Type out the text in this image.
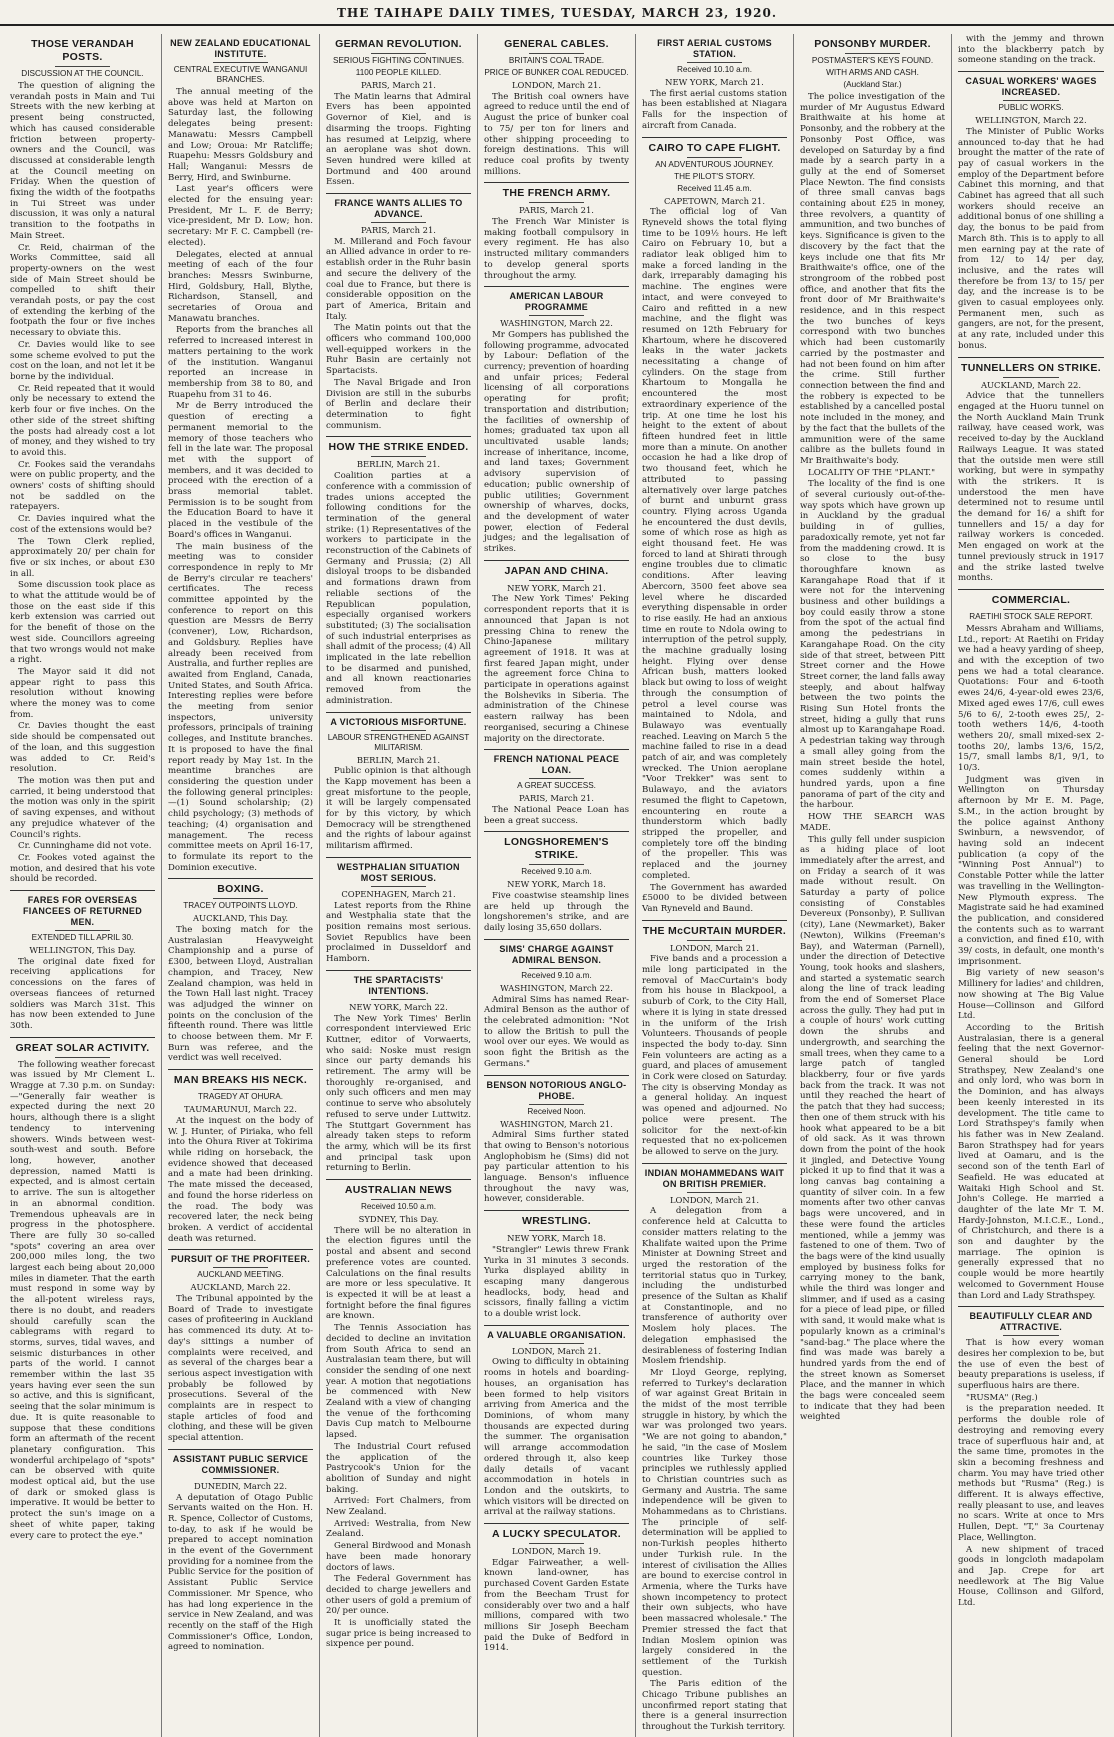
THE TAIHAPE DAILY TIMES, TUESDAY, MARCH 23, 1920.
THOSE VERANDAH POSTS.
DISCUSSION AT THE COUNCIL.

The question of aligning the verandah posts in Main and Tui Streets with the new kerbing at present being constructed, which has caused considerable friction between property-owners and the Council, was discussed at considerable length at the Council meeting on Friday. When the question of fixing the width of the footpaths in Tui Street was under discussion, it was only a natural transition to the footpaths in Main Street.

Cr. Reid, chairman of the Works Committee, said all property-owners on the west side of Main Street should be compelled to shift their verandah posts, or pay the cost of extending the kerbing of the footpath the four or five inches necessary to obviate this.

Cr. Davies would like to see some scheme evolved to put the cost on the loan, and not let it be borne by the individual.

Cr. Reid repeated that it would only be necessary to extend the kerb four or five inches. On the other side of the street shifting the posts had already cost a lot of money, and they wished to try to avoid this.

Cr. Fookes said the verandahs were on public property, and the owners' costs of shifting should not be saddled on the ratepayers.

Cr. Davies inquired what the cost of the extensions would be?

The Town Clerk replied, approximately 20/ per chain for five or six inches, or about £30 in all.

Some discussion took place as to what the attitude would be of those on the east side if this kerb extension was carried out for the benefit of those on the west side. Councillors agreeing that two wrongs would not make a right.

The Mayor said it did not appear right to pass this resolution without knowing where the money was to come from.

Cr. Davies thought the east side should be compensated out of the loan, and this suggestion was added to Cr. Reid's resolution.

The motion was then put and carried, it being understood that the motion was only in the spirit of saving expenses, and without any prejudice whatever of the Council's rights.

Cr. Cunninghame did not vote.

Cr. Fookes voted against the motion, and desired that his vote should be recorded.

FARES FOR OVERSEAS FIANCEES OF RETURNED MEN.
EXTENDED TILL APRIL 30.
WELLINGTON, This Day.

The original date fixed for receiving applications for concessions on the fares of overseas fiancees of returned soldiers was March 31st. This has now been extended to June 30th.

GREAT SOLAR ACTIVITY.

The following weather forecast was issued by Mr Clement L. Wragge at 7.30 p.m. on Sunday:—"Generally fair weather is expected during the next 20 hours, although there is a slight tendency to intervening showers. Winds between west-south-west and south. Before long, however, another depression, named Matti is expected, and is almost certain to arrive. The sun is altogether in an abnormal condition. Tremendous upheavals are in progress in the photosphere. There are fully 30 so-called "spots" covering an area over 200,000 miles long, the two largest each being about 20,000 miles in diameter. That the earth must respond in some way by the all-potent wireless rays, there is no doubt, and readers should carefully scan the cablegrams with regard to storms, surves, tidal waves, and seismic disturbances in other parts of the world. I cannot remember within the last 35 years having ever seen the sun so active, and this is significant, seeing that the solar minimum is due. It is quite reasonable to suppose that these conditions form an aftermath of the recent planetary configuration. This wonderful archipelago of "spots" can be observed with quite modest optical aid, but the use of dark or smoked glass is imperative. It would be better to protect the sun's image on a sheet of white paper, taking every care to protect the eye."

NEW ZEALAND EDUCATIONAL INSTITUTE.
CENTRAL EXECUTIVE WANGANUI BRANCHES.

The annual meeting of the above was held at Marton on Saturday last, the following delegates being present: Manawatu: Messrs Campbell and Low; Oroua: Mr Ratcliffe; Ruapehu: Messrs Goldsbury and Hall; Wanganui: Messrs de Berry, Hird, and Swinburne.

Last year's officers were elected for the ensuing year: President, Mr L. F. de Berry; vice-president, Mr D. Low; hon. secretary: Mr F. C. Campbell (re-elected).

Delegates, elected at annual meeting of each of the four branches: Messrs Swinburne, Hird, Goldsbury, Hall, Blythe, Richardson, Stansell, and secretaries of Oroua and Manawatu branches.

Reports from the branches all referred to increased interest in matters pertaining to the work of the institution. Wanganui reported an increase in membership from 38 to 80, and Ruapehu from 31 to 46.

Mr de Berry introduced the question of erecting a permanent memorial to the memory of those teachers who fell in the late war. The proposal met with the support of members, and it was decided to proceed with the erection of a brass memorial tablet. Permission is to be sought from the Education Board to have it placed in the vestibule of the Board's offices in Wanganui.

The main business of the meeting was to consider correspondence in reply to Mr de Berry's circular re teachers' certificates. The recess committee appointed by the conference to report on this question are Messrs de Berry (convener), Low, Richardson, and Goldsbury. Replies have already been received from Australia, and further replies are awaited from England, Canada, United States, and South Africa. Interesting replies were before the meeting from senior inspectors, university professors, principals of training colleges, and Institute branches. It is proposed to have the final report ready by May 1st. In the meantime branches are considering the question under the following general principles:—(1) Sound scholarship; (2) child psychology; (3) methods of teaching; (4) organisation and management. The recess committee meets on April 16-17, to formulate its report to the Dominion executive.

BOXING.
TRACEY OUTPOINTS LLOYD.
AUCKLAND, This Day.

The boxing match for the Australasian Heavyweight Championship and a purse of £300, between Lloyd, Australian champion, and Tracey, New Zealand champion, was held in the Town Hall last night. Tracey was adjudged the winner on points on the conclusion of the fifteenth round. There was little to choose between them. Mr F. Burn was referee, and the verdict was well received.

MAN BREAKS HIS NECK.
TRAGEDY AT OHURA.
TAUMARUNUI, March 22.

At the inquest on the body of W. J. Hunter, of Piriaka, who fell into the Ohura River at Tokirima while riding on horseback, the evidence showed that deceased and a mate had been drinking. The mate missed the deceased, and found the horse riderless on the road. The body was recovered later, the neck being broken. A verdict of accidental death was returned.

PURSUIT OF THE PROFITEER.
AUCKLAND MEETING.
AUCKLAND, March 22.

The Tribunal appointed by the Board of Trade to investigate cases of profiteering in Auckland has commenced its duty. At to-day's sittings a number of complaints were received, and as several of the charges bear a serious aspect investigation with probably be followed by prosecutions. Several of the complaints are in respect to staple articles of food and clothing, and these will be given special attention.

ASSISTANT PUBLIC SERVICE COMMISSIONER.
DUNEDIN, March 22.

A deputation of Otago Public Servants waited on the Hon. H. R. Spence, Collector of Customs, to-day, to ask if he would be prepared to accept nomination in the event of the Government providing for a nominee from the Public Service for the position of Assistant Public Service Commissioner. Mr Spence, who has had long experience in the service in New Zealand, and was recently on the staff of the High Commissioner's Office, London, agreed to nomination.

GERMAN REVOLUTION.
SERIOUS FIGHTING CONTINUES.
1100 PEOPLE KILLED.
PARIS, March 21.

The Matin learns that Admiral Evers has been appointed Governor of Kiel, and is disarming the troops. Fighting has resumed at Leipzig, where an aeroplane was shot down. Seven hundred were killed at Dortmund and 400 around Essen.

FRANCE WANTS ALLIES TO ADVANCE.
PARIS, March 21.

M. Millerand and Foch favour an Allied advance in order to re-establish order in the Ruhr basin and secure the delivery of the coal due to France, but there is considerable opposition on the part of America, Britain and Italy.

The Matin points out that the officers who command 100,000 well-equipped workers in the Ruhr Basin are certainly not Spartacists.

The Naval Brigade and Iron Division are still in the suburbs of Berlin and declare their determination to fight communism.

HOW THE STRIKE ENDED.
BERLIN, March 21.

Coalition parties at a conference with a commission of trades unions accepted the following conditions for the termination of the general strike: (1) Representatives of the workers to participate in the reconstruction of the Cabinets of Germany and Prussia; (2) All disloyal troops to be disbanded and formations drawn from reliable sections of the Republican population, especially organised workers substituted; (3) The socialisation of such industrial enterprises as shall admit of the process; (4) All implicated in the late rebellion to be disarmed and punished, and all known reactionaries removed from the administration.

A VICTORIOUS MISFORTUNE.
LABOUR STRENGTHENED AGAINST MILITARISM.
BERLIN, March 21.

Public opinion is that although the Kapp movement has been a great misfortune to the people, it will be largely compensated for by this victory, by which Democracy will be strengthened and the rights of labour against militarism affirmed.

WESTPHALIAN SITUATION MOST SERIOUS.
COPENHAGEN, March 21.

Latest reports from the Rhine and Westphalia state that the position remains most serious. Soviet Republics have been proclaimed in Dusseldorf and Hamborn.

THE SPARTACISTS' INTENTIONS.
NEW YORK, March 22.

The New York Times' Berlin correspondent interviewed Eric Kuttner, editor of Vorwaerts, who said: Noske must resign since our party demands his retirement. The army will be thoroughly re-organised, and only such officers and men may continue to serve who absolutely refused to serve under Luttwitz. The Stuttgart Government has already taken steps to reform the army, which will be its first and principal task upon returning to Berlin.

AUSTRALIAN NEWS
Received 10.50 a.m.
SYDNEY, This Day.

There will be no alteration in the election figures until the postal and absent and second preference votes are counted. Calculations on the final results are more or less speculative. It is expected it will be at least a fortnight before the final figures are known.

The Tennis Association has decided to decline an invitation from South Africa to send an Australasian team there, but will consider the sending of one next year. A motion that negotiations be commenced with New Zealand with a view of changing the venue of the forthcoming Davis Cup match to Melbourne lapsed.

The Industrial Court refused the application of the Pastrycook's Union for the abolition of Sunday and night baking.

Arrived: Fort Chalmers, from New Zealand.

Arrived: Westralia, from New Zealand.

General Birdwood and Monash have been made honorary doctors of laws.

The Federal Government has decided to charge jewellers and other users of gold a premium of 20/ per ounce.

It is unofficially stated the sugar price is being increased to sixpence per pound.

GENERAL CABLES.
BRITAIN'S COAL TRADE.
PRICE OF BUNKER COAL REDUCED.
LONDON, March 21.

The British coal owners have agreed to reduce until the end of August the price of bunker coal to 75/ per ton for liners and other shipping proceeding to foreign destinations. This will reduce coal profits by twenty millions.

THE FRENCH ARMY.
PARIS, March 21.

The French War Minister is making football compulsory in every regiment. He has also instructed military commanders to develop general sports throughout the army.

AMERICAN LABOUR PROGRAMME
WASHINGTON, March 22.

Mr Gompers has published the following programme, advocated by Labour: Deflation of the currency; prevention of hoarding and unfair prices; Federal licensing of all corporations operating for profit; transportation and distribution; the facilities of ownership of homes; graduated tax upon all uncultivated usable lands; increase of inheritance, income, and land taxes; Government advisory supervision of education; public ownership of public utilities; Government ownership of wharves, docks, and the development of water power, election of Federal judges; and the legalisation of strikes.

JAPAN AND CHINA.
NEW YORK, March 21.

The New York Times' Peking correspondent reports that it is announced that Japan is not pressing China to renew the Chino-Japanese military agreement of 1918. It was at first feared Japan might, under the agreement force China to participate in operations against the Bolsheviks in Siberia. The administration of the Chinese eastern railway has been reorganised, securing a Chinese majority on the directorate.

FRENCH NATIONAL PEACE LOAN.
A GREAT SUCCESS.
PARIS, March 21.

The National Peace Loan has been a great success.

LONGSHOREMEN'S STRIKE.
Received 9.10 a.m.
NEW YORK, March 18.

Five coastwise steamship lines are held up through the longshoremen's strike, and are daily losing 35,650 dollars.

SIMS' CHARGE AGAINST ADMIRAL BENSON.
Received 9.10 a.m.
WASHINGTON, March 22.

Admiral Sims has named Rear-Admiral Benson as the author of the celebrated admonition: "Not to allow the British to pull the wool over our eyes. We would as soon fight the British as the Germans."

BENSON NOTORIOUS ANGLO-PHOBE.
Received Noon.
WASHINGTON, March 21.

Admiral Sims further stated that owing to Benson's notorious Anglophobism he (Sims) did not pay particular attention to his language. Benson's influence throughout the navy was, however, considerable.

WRESTLING.
NEW YORK, March 18.

"Strangler" Lewis threw Frank Yurka in 31 minutes 3 seconds. Yurka displayed ability in escaping many dangerous headlocks, body, head and scissors, finally falling a victim to a double wrist lock.

A VALUABLE ORGANISATION.
LONDON, March 21.

Owing to difficulty in obtaining rooms in hotels and boarding-houses, an organisation has been formed to help visitors arriving from America and the Dominions, of whom many thousands are expected during the summer. The organisation will arrange accommodation ordered through it, also keep daily details of vacant accommodation in hotels in London and the outskirts, to which visitors will be directed on arrival at the railway stations.

A LUCKY SPECULATOR.
LONDON, March 19.

Edgar Fairweather, a well-known land-owner, has purchased Covent Garden Estate from the Beecham Trust for considerably over two and a half millions, compared with two millions Sir Joseph Beecham paid the Duke of Bedford in 1914.

FIRST AERIAL CUSTOMS STATION.
Received 10.10 a.m.
NEW YORK, March 21.

The first aerial customs station has been established at Niagara Falls for the inspection of aircraft from Canada.

CAIRO TO CAPE FLIGHT.
AN ADVENTUROUS JOURNEY.
THE PILOT'S STORY.
Received 11.45 a.m.
CAPETOWN, March 21.

The official log of Van Ryneveld shows the total flying time to be 109½ hours. He left Cairo on February 10, but a radiator leak obliged him to make a forced landing in the dark, irreparably damaging his machine. The engines were intact, and were conveyed to Cairo and refitted in a new machine, and the flight was resumed on 12th February for Khartoum, where he discovered leaks in the water jackets necessitating a change of cylinders. On the stage from Khartoum to Mongalla he encountered the most extraordinary experience of the trip. At one time he lost his height to the extent of about fifteen hundred feet in little more than a minute. On another occasion he had a like drop of two thousand feet, which he attributed to passing alternatively over large patches of burnt and unburnt grass country. Flying across Uganda he encountered the dust devils, some of which rose as high as eight thousand feet. He was forced to land at Shirati through engine troubles due to climatic conditions. After leaving Abercorn, 3500 feet above sea level where he discarded everything dispensable in order to rise easily. He had an anxious time en route to Ndola owing to interruption of the petrol supply, the machine gradually losing height. Flying over dense African bush, matters looked black but owing to loss of weight through the consumption of petrol a level course was maintained to Ndola, and Bulawayo was eventually reached. Leaving on March 5 the machine failed to rise in a dead patch of air, and was completely wrecked. The Union aeroplane "Voor Trekker" was sent to Bulawayo, and the aviators resumed the flight to Capetown, encountering en route a thunderstorm which badly stripped the propeller, and completely tore off the binding of the propeller. This was replaced and the journey completed.

The Government has awarded £5000 to be divided between Van Ryneveld and Baund.

THE McCURTAIN MURDER.
LONDON, March 21.

Five bands and a procession a mile long participated in the removal of MacCurtain's body from his house in Blackpool, a suburb of Cork, to the City Hall, where it is lying in state dressed in the uniform of the Irish Volunteers. Thousands of people inspected the body to-day. Sinn Fein volunteers are acting as a guard, and places of amusement in Cork were closed on Saturday. The city is observing Monday as a general holiday. An inquest was opened and adjourned. No police were present. The solicitor for the next-of-kin requested that no ex-policemen be allowed to serve on the jury.

INDIAN MOHAMMEDANS WAIT ON BRITISH PREMIER.
LONDON, March 21.

A delegation from a conference held at Calcutta to consider matters relating to the Khalifate waited upon the Prime Minister at Downing Street and urged the restoration of the territorial status quo in Turkey, including the undisturbed presence of the Sultan as Khalif at Constantinople, and no transference of authority over Moslem holy places. The delegation emphasised the desirableness of fostering Indian Moslem friendship.

Mr Lloyd George, replying, referred to Turkey's declaration of war against Great Britain in the midst of the most terrible struggle in history, by which the war was prolonged two years. "We are not going to abandon," he said, "in the case of Moslem countries like Turkey those principles we ruthlessly applied to Christian countries such as Germany and Austria. The same independence will be given to Mohammedans as to Christians. The principle of self-determination will be applied to non-Turkish peoples hitherto under Turkish rule. In the interest of civilisation the Allies are bound to exercise control in Armenia, where the Turks have shown incompetency to protect their own subjects, who have been massacred wholesale." The Premier stressed the fact that Indian Moslem opinion was largely considered in the settlement of the Turkish question.

The Paris edition of the Chicago Tribune publishes an unconfirmed report stating that there is a general insurrection throughout the Turkish territory.

PONSONBY MURDER.
POSTMASTER'S KEYS FOUND.
WITH ARMS AND CASH.
(Auckland Star.)

The police investigation of the murder of Mr Augustus Edward Braithwaite at his home at Ponsonby, and the robbery at the Ponsonby Post Office, was developed on Saturday by a find made by a search party in a gully at the end of Somerset Place Newton. The find consists of three small canvas bags containing about £25 in money, three revolvers, a quantity of ammunition, and two bunches of keys. Significance is given to the discovery by the fact that the keys include one that fits Mr Braithwaite's office, one of the strongroom of the robbed post office, and another that fits the front door of Mr Braithwaite's residence, and in this respect the two bunches of keys correspond with two bunches which had been customarily carried by the postmaster and had not been found on him after the crime. Still further connection between the find and the robbery is expected to be established by a cancelled postal note included in the money, and by the fact that the bullets of the ammunition were of the same calibre as the bullets found in Mr Braithwaite's body.

LOCALITY OF THE "PLANT."

The locality of the find is one of several curiously out-of-the-way spots which have grown up in Auckland by the gradual building in of gullies, paradoxically remote, yet not far from the maddening crowd. It is so close to the busy thoroughfare known as Karangahape Road that if it were not for the intervening business and other buildings a boy could easily throw a stone from the spot of the actual find among the pedestrians in Karangahape Road. On the city side of that street, between Pitt Street corner and the Howe Street corner, the land falls away steeply, and about halfway between the two points the Rising Sun Hotel fronts the street, hiding a gully that runs almost up to Karangahape Road. A pedestrian taking way through a small alley going from the main street beside the hotel, comes suddenly within a hundred yards, upon a fine panorama of part of the city and the harbour.

HOW THE SEARCH WAS MADE.

This gully fell under suspicion as a hiding place of loot immediately after the arrest, and on Friday a search of it was made without result. On Saturday a party of police consisting of Constables Devereux (Ponsonby), P. Sullivan (city), Lane (Newmarket), Baker (Newton), Wilkins (Freeman's Bay), and Waterman (Parnell), under the direction of Detective Young, took hooks and slashers, and started a systematic search along the line of track leading from the end of Somerset Place across the gully. They had put in a couple of hours' work cutting down the shrubs and undergrowth, and searching the small trees, when they came to a large patch of tangled blackberry, four or five yards back from the track. It was not until they reached the heart of the patch that they had success; then one of them struck with his hook what appeared to be a bit of old sack. As it was thrown down from the point of the hook it jingled, and Detective Young picked it up to find that it was a long canvas bag containing a quantity of silver coin. In a few moments after two other canvas bags were uncovered, and in these were found the articles mentioned, while a jemmy was fastened to one of them. Two of the bags were of the kind usually employed by business folks for carrying money to the bank, while the third was longer and slimmer, and if used as a casing for a piece of lead pipe, or filled with sand, it would make what is popularly known as a criminal's "sand-bag." The place where the find was made was barely a hundred yards from the end of the street known as Somerset Place, and the manner in which the bags were concealed seem to indicate that they had been weighted

with the jemmy and thrown into the blackberry patch by someone standing on the track.

CASUAL WORKERS' WAGES INCREASED.
PUBLIC WORKS.
WELLINGTON, March 22.

The Minister of Public Works announced to-day that he had brought the matter of the rate of pay of casual workers in the employ of the Department before Cabinet this morning, and that Cabinet has agreed that all such workers should receive an additional bonus of one shilling a day, the bonus to be paid from March 8th. This is to apply to all men earning pay at the rate of from 12/ to 14/ per day, inclusive, and the rates will therefore be from 13/ to 15/ per day, and the increase is to be given to casual employees only. Permanent men, such as gangers, are not, for the present, at any rate, included under this bonus.

TUNNELLERS ON STRIKE.
AUCKLAND, March 22.

Advice that the tunnellers engaged at the Huoru tunnel on the North Auckland Main Trunk railway, have ceased work, was received to-day by the Auckland Railways League. It was stated that the outside men were still working, but were in sympathy with the strikers. It is understood the men have determined not to resume until the demand for 16/ a shift for tunnellers and 15/ a day for railway workers is conceded. Men engaged on work at the tunnel previously struck in 1917 and the strike lasted twelve months.

COMMERCIAL.
RAETIHI STOCK SALE REPORT.

Messrs Abraham and Williams, Ltd., report: At Raetihi on Friday we had a heavy yarding of sheep, and with the exception of two pens we had a total clearance. Quotations: Four and 6-tooth ewes 24/6, 4-year-old ewes 23/6, Mixed aged ewes 17/6, cull ewes 5/6 to 6/, 2-tooth ewes 25/, 2-tooth wethers 14/6, 4-tooth wethers 20/, small mixed-sex 2-tooths 20/, lambs 13/6, 15/2, 15/7, small lambs 8/1, 9/1, to 10/3.

Judgment was given in Wellington on Thursday afternoon by Mr E. M. Page, S.M., in the action brought by the police against Anthony Swinburn, a newsvendor, of having sold an indecent publication (a copy of the "Winning Post Annual") to Constable Potter while the latter was travelling in the Wellington-New Plymouth express. The Magistrate said he had examined the publication, and considered the contents such as to warrant a conviction, and fined £10, with 39/ costs, in default, one month's imprisonment.

Big variety of new season's Millinery for ladies' and children, now showing at The Big Value House—Collinson and Gilford Ltd.

According to the British Australasian, there is a general feeling that the next Governor-General should be Lord Strathspey, New Zealand's one and only lord, who was born in the Dominion, and has always been keenly interested in its development. The title came to Lord Strathspey's family when his father was in New Zealand. Baron Strathspey had for years lived at Oamaru, and is the second son of the tenth Earl of Seafield. He was educated at Waitaki High School and St. John's College. He married a daughter of the late Mr T. M. Hardy-Johnston, M.I.C.E., Lond., of Christchurch, and there is a son and daughter by the marriage. The opinion is generally expressed that no couple would be more heartily welcomed to Government House than Lord and Lady Strathspey.

BEAUTIFULLY CLEAR AND ATTRACTIVE.

That is how every woman desires her complexion to be, but the use of even the best of beauty preparations is useless, if superfluous hairs are there.

"RUSMA" (Reg.)

is the preparation needed. It performs the double role of destroying and removing every trace of superfluous hair and, at the same time, promotes in the skin a becoming freshness and charm. You may have tried other methods but "Rusma" (Reg.) is different. It is always effective, really pleasant to use, and leaves no scars. Write at once to Mrs Hullen, Dept. "T," 3a Courtenay Place, Wellington.

A new shipment of traced goods in longcloth madapolam and Jap. Crepe for art needlework at The Big Value House, Collinson and Gilford, Ltd.
